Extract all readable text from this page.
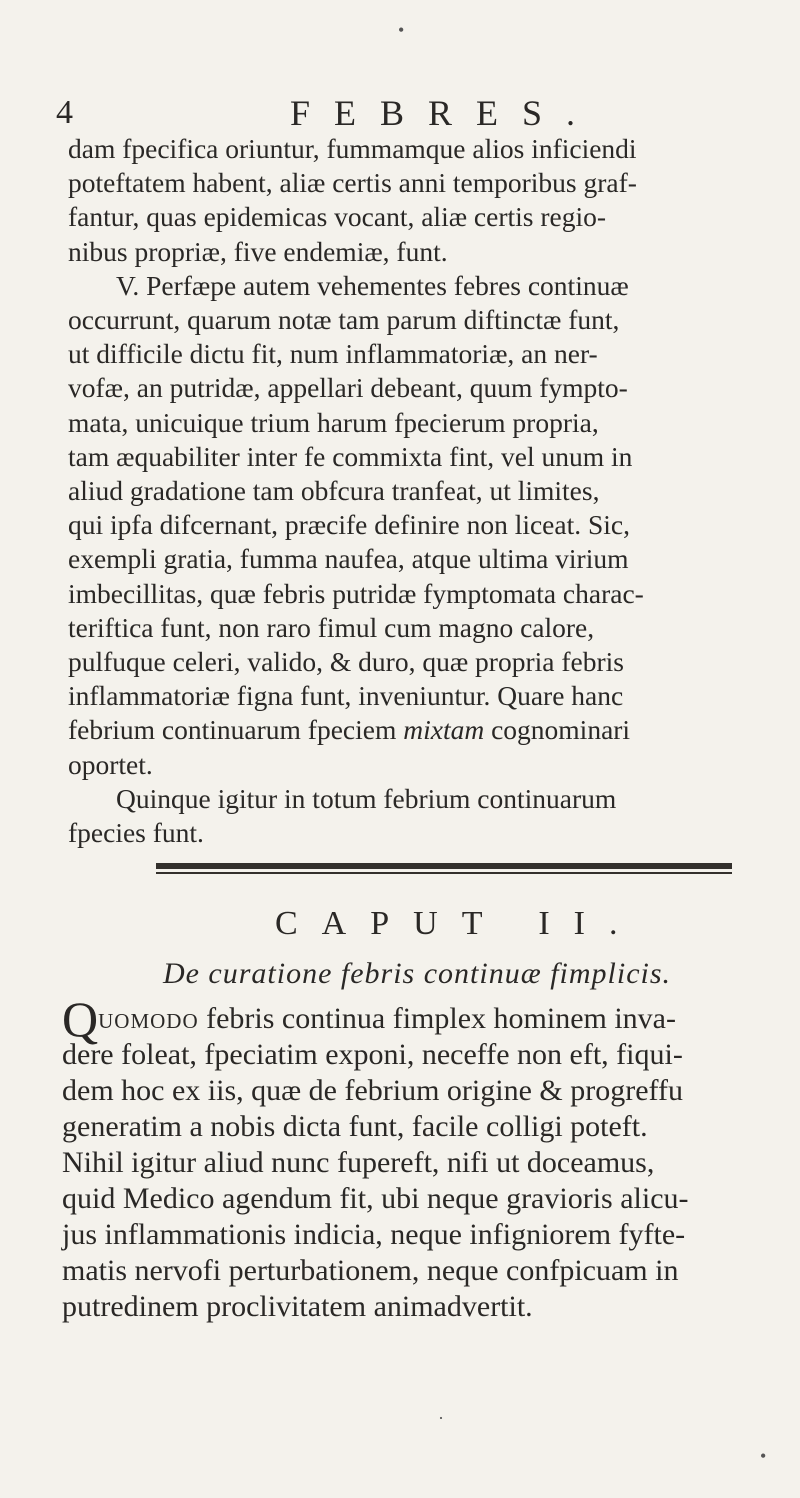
•
4	FEBRES.
dam fpecifica oriuntur, fummamque alios inficiendi
poteftatem habent, aliæ certis anni temporibus graf-
fantur, quas epidemicas vocant, aliæ certis regio-
nibus propriæ, five endemiæ, funt.
V. Perfæpe autem vehementes febres continuæ
occurrunt, quarum notæ tam parum diftinctæ funt,
ut difficile dictu fit, num inflammatoriæ, an ner-
vofæ, an putridæ, appellari debeant, quum fympto-
mata, unicuique trium harum fpecierum propria,
tam æquabiliter inter fe commixta fint, vel unum in
aliud gradatione tam obfcura tranfeat, ut limites,
qui ipfa difcernant, præcife definire non liceat. Sic,
exempli gratia, fumma naufea, atque ultima virium
imbecillitas, quæ febris putridæ fymptomata charac-
teriftica funt, non raro fimul cum magno calore,
pulfuque celeri, valido, & duro, quæ propria febris
inflammatoriæ figna funt, inveniuntur. Quare hanc
febrium continuarum fpeciem mixtam cognominari
oportet.
Quinque igitur in totum febrium continuarum
fpecies funt.
CAPUT II.
De curatione febris continuæ fimplicis.
Quomodo febris continua fimplex hominem inva-
dere foleat, fpeciatim exponi, neceffe non eft, fiqui-
dem hoc ex iis, quæ de febrium origine & progreffu
generatim a nobis dicta funt, facile colligi poteft.
Nihil igitur aliud nunc fupereft, nifi ut doceamus,
quid Medico agendum fit, ubi neque gravioris alicu-
jus inflammationis indicia, neque infigniorem fyfte-
matis nervofi perturbationem, neque confpicuam in
putredinem proclivitatem animadvertit.
·
•
